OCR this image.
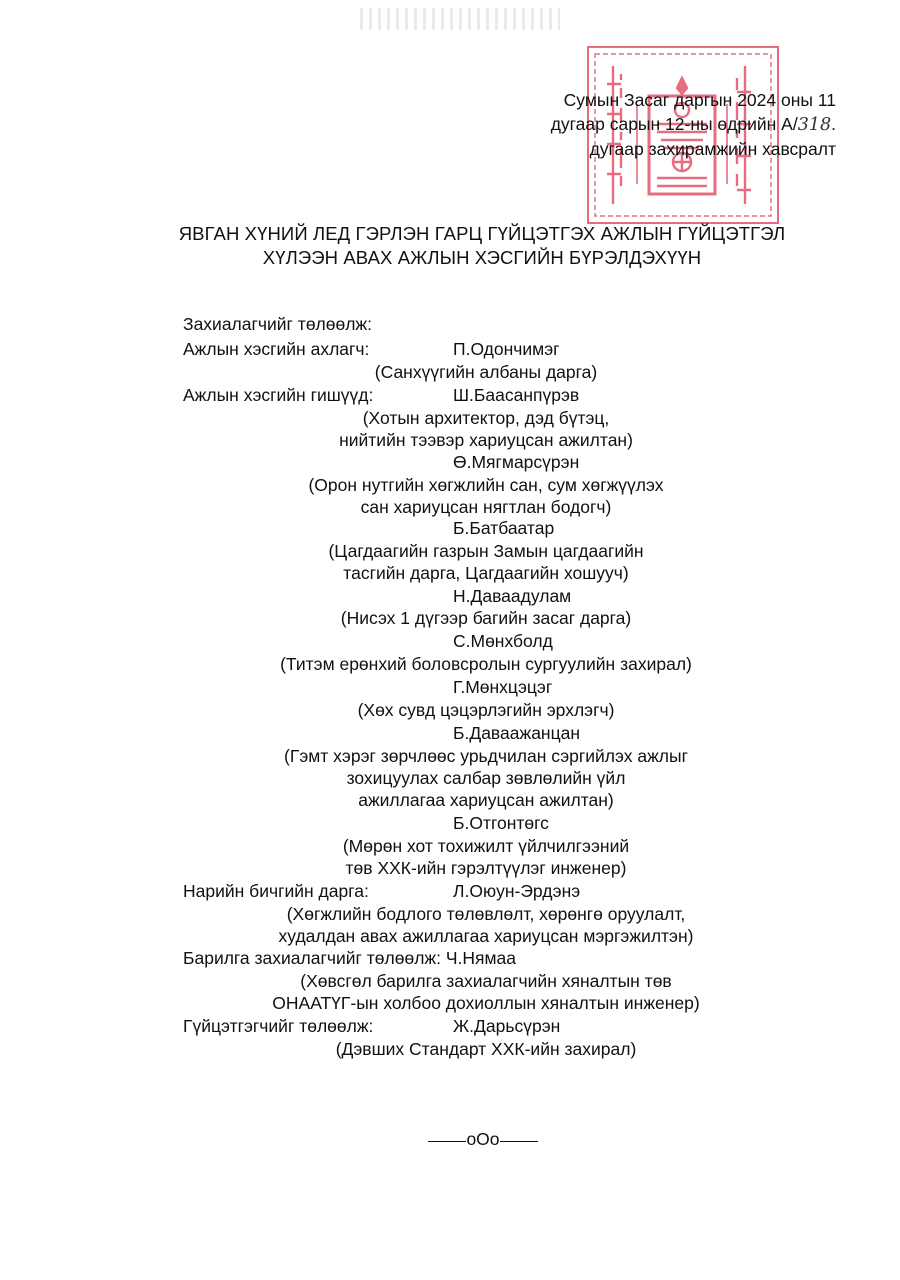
Сумын Засаг даргын 2024 оны 11
дугаар сарын 12-ны өдрийн А/318.
дугаар захирамжийн хавсралт
ЯВГАН ХҮНИЙ ЛЕД ГЭРЛЭН ГАРЦ ГҮЙЦЭТГЭХ АЖЛЫН ГҮЙЦЭТГЭЛ
ХҮЛЭЭН АВАХ АЖЛЫН ХЭСГИЙН БҮРЭЛДЭХҮҮН
Захиалагчийг төлөөлж:
Ажлын хэсгийн ахлагч:	П.Одончимэг
(Санхүүгийн албаны дарга)
Ажлын хэсгийн гишүүд:	Ш.Баасанпүрэв
(Хотын архитектор, дэд бүтэц,
нийтийн тээвэр хариуцсан ажилтан)
Ө.Мягмарсүрэн
(Орон нутгийн хөгжлийн сан, сум хөгжүүлэх
сан хариуцсан нягтлан бодогч)
Б.Батбаатар
(Цагдаагийн газрын Замын цагдаагийн
тасгийн дарга, Цагдаагийн хошууч)
Н.Даваадулам
(Нисэх 1 дүгээр багийн засаг дарга)
С.Мөнхболд
(Титэм ерөнхий боловсролын сургуулийн захирал)
Г.Мөнхцэцэг
(Хөх сувд цэцэрлэгийн эрхлэгч)
Б.Даваажанцан
(Гэмт хэрэг зөрчлөөс урьдчилан сэргийлэх ажлыг
зохицуулах салбар зөвлөлийн үйл
ажиллагаа хариуцсан ажилтан)
Б.Отгонтөгс
(Мөрөн хот тохижилт үйлчилгээний
төв ХХК-ийн гэрэлтүүлэг инженер)
Нарийн бичгийн дарга:	Л.Оюун-Эрдэнэ
(Хөгжлийн бодлого төлөвлөлт, хөрөнгө оруулалт,
худалдан авах ажиллагаа хариуцсан мэргэжилтэн)
Барилга захиалагчийг төлөөлж: Ч.Нямаа
(Хөвсгөл барилга захиалагчийн хяналтын төв
ОНААТҮГ-ын холбоо дохиоллын хяналтын инженер)
Гүйцэтгэгчийг төлөөлж:	Ж.Дарьсүрэн
(Дэвших Стандарт ХХК-ийн захирал)
oOo
